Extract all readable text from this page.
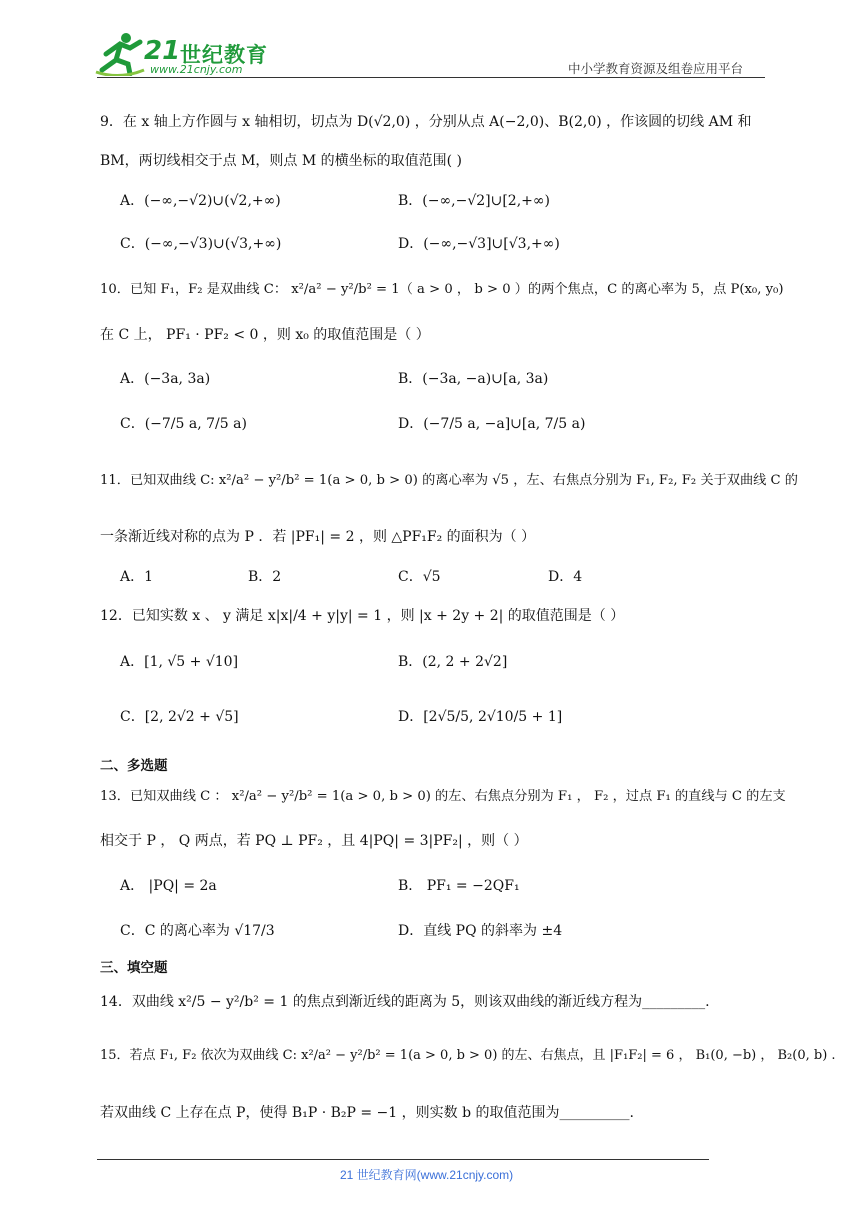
21 世纪教育
www.21cnjy.com	中小学教育资源及组卷应用平台
9．在 x 轴上方作圆与 x 轴相切，切点为 D(√2,0) ，分别从点 A(−2,0)、B(2,0) ，作该圆的切线 AM 和
BM，两切线相交于点 M，则点 M 的横坐标的取值范围( )
A．(−∞,−√2)∪(√2,+∞)	B．(−∞,−√2]∪[2,+∞)
C．(−∞,−√3)∪(√3,+∞)	D．(−∞,−√3]∪[√3,+∞)
10．已知 F₁，F₂ 是双曲线 C： x²/a² − y²/b² = 1（ a > 0 ， b > 0 ）的两个焦点，C 的离心率为 5，点 P(x₀, y₀)
在 C 上， PF₁ · PF₂ < 0 ，则 x₀ 的取值范围是（ ）
A．(−3a, 3a)	B．(−3a, −a)∪[a, 3a)
C．(−7/5 a, 7/5 a)	D．(−7/5 a, −a]∪[a, 7/5 a)
11．已知双曲线 C: x²/a² − y²/b² = 1(a > 0, b > 0) 的离心率为 √5 ，左、右焦点分别为 F₁, F₂, F₂ 关于双曲线 C 的
一条渐近线对称的点为 P ．若 |PF₁| = 2 ，则 △PF₁F₂ 的面积为（ ）
A．1	B．2	C．√5	D．4
12．已知实数 x 、 y 满足 x|x|/4 + y|y| = 1 ，则 |x + 2y + 2| 的取值范围是（ ）
A．[1, √5 + √10]	B．(2, 2 + 2√2]
C．[2, 2√2 + √5]	D．[2√5/5, 2√10/5 + 1]
二、多选题
13．已知双曲线 C ： x²/a² − y²/b² = 1(a > 0, b > 0) 的左、右焦点分别为 F₁ ， F₂ ，过点 F₁ 的直线与 C 的左支
相交于 P ， Q 两点，若 PQ ⊥ PF₂ ，且 4|PQ| = 3|PF₂| ，则（ ）
A． |PQ| = 2a	B． PF₁ = −2QF₁
C．C 的离心率为 √17/3	D．直线 PQ 的斜率为 ±4
三、填空题
14．双曲线 x²/5 − y²/b² = 1 的焦点到渐近线的距离为 5，则该双曲线的渐近线方程为_________.
15．若点 F₁, F₂ 依次为双曲线 C: x²/a² − y²/b² = 1(a > 0, b > 0) 的左、右焦点，且 |F₁F₂| = 6 ， B₁(0, −b) ， B₂(0, b) .
若双曲线 C 上存在点 P，使得 B₁P · B₂P = −1 ，则实数 b 的取值范围为__________.
21 世纪教育网(www.21cnjy.com)
